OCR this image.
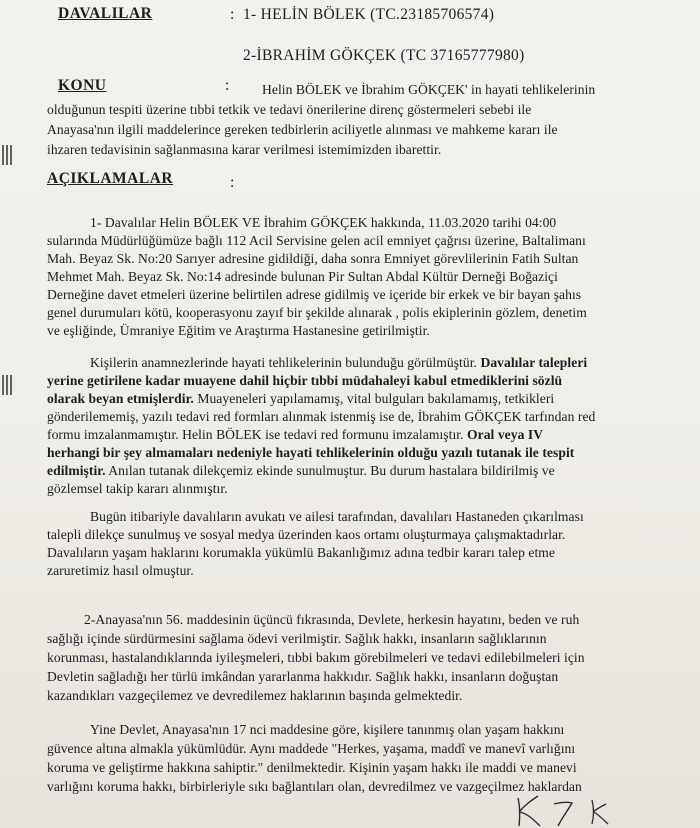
DAVALILAR	: 1- HELİN BÖLEK (TC.23185706574)
2-İBRAHİM GÖKÇEK (TC 37165777980)
KONU	: Helin BÖLEK ve İbrahim GÖKÇEK' in hayati tehlikelerinin
olduğunun tespiti üzerine tıbbi tetkik ve tedavi önerilerine direnç göstermeleri sebebi ile
Anayasa'nın ilgili maddelerince gereken tedbirlerin aciliyetle alınması ve mahkeme kararı ile
ihzaren tedavisinin sağlanmasına karar verilmesi istemimizden ibarettir.
AÇIKLAMALAR	:
1- Davalılar Helin BÖLEK VE İbrahim GÖKÇEK hakkında, 11.03.2020 tarihi 04:00
sularında Müdürlüğümüze bağlı 112 Acil Servisine gelen acil emniyet çağrısı üzerine, Baltalimanı
Mah. Beyaz Sk. No:20 Sarıyer adresine gidildiği, daha sonra Emniyet görevlilerinin Fatih Sultan
Mehmet Mah. Beyaz Sk. No:14 adresinde bulunan Pir Sultan Abdal Kültür Derneği Boğaziçi
Derneğine davet etmeleri üzerine belirtilen adrese gidilmiş ve içeride bir erkek ve bir bayan şahıs
genel durumuları kötü, kooperasyonu zayıf bir şekilde alınarak , polis ekiplerinin gözlem, denetim
ve eşliğinde, Ümraniye Eğitim ve Araştırma Hastanesine getirilmiştir.
Kişilerin anamnezlerinde hayati tehlikelerinin bulunduğu görülmüştür. Davalılar talepleri
yerine getirilene kadar muayene dahil hiçbir tıbbi müdahaleyi kabul etmediklerini sözlü
olarak beyan etmişlerdir. Muayeneleri yapılamamış, vital bulguları bakılamamış, tetkikleri
gönderilememiş, yazılı tedavi red formları alınmak istenmiş ise de, İbrahim GÖKÇEK tarfından red
formu imzalanmamıştır. Helin BÖLEK ise tedavi red formunu imzalamıştır. Oral veya IV
herhangi bir şey almamaları nedeniyle hayati tehlikelerinin olduğu yazılı tutanak ile tespit
edilmiştir. Anılan tutanak dilekçemiz ekinde sunulmuştur. Bu durum hastalara bildirilmiş ve
gözlemsel takip kararı alınmıştır.
Bugün itibariyle davalıların avukatı ve ailesi tarafından, davalıları Hastaneden çıkarılması
talepli dilekçe sunulmuş ve sosyal medya üzerinden kaos ortamı oluşturmaya çalışmaktadırlar.
Davalıların yaşam haklarını korumakla yükümlü Bakanlığımız adına tedbir kararı talep etme
zaruretimiz hasıl olmuştur.
2-Anayasa'nın 56. maddesinin üçüncü fıkrasında, Devlete, herkesin hayatını, beden ve ruh
sağlığı içinde sürdürmesini sağlama ödevi verilmiştir. Sağlık hakkı, insanların sağlıklarının
korunması, hastalandıklarında iyileşmeleri, tıbbi bakım görebilmeleri ve tedavi edilebilmeleri için
Devletin sağladığı her türlü imkândan yararlanma hakkıdır. Sağlık hakkı, insanların doğuştan
kazandıkları vazgeçilemez ve devredilemez haklarının başında gelmektedir.
Yine Devlet, Anayasa'nın 17 nci maddesine göre, kişilere tanınmış olan yaşam hakkını
güvence altına almakla yükümlüdür. Aynı maddede "Herkes, yaşama, maddî ve manevî varlığını
koruma ve geliştirme hakkına sahiptir." denilmektedir. Kişinin yaşam hakkı ile maddi ve manevi
varlığını koruma hakkı, birbirleriyle sıkı bağlantıları olan, devredilmez ve vazgeçilmez haklardan
